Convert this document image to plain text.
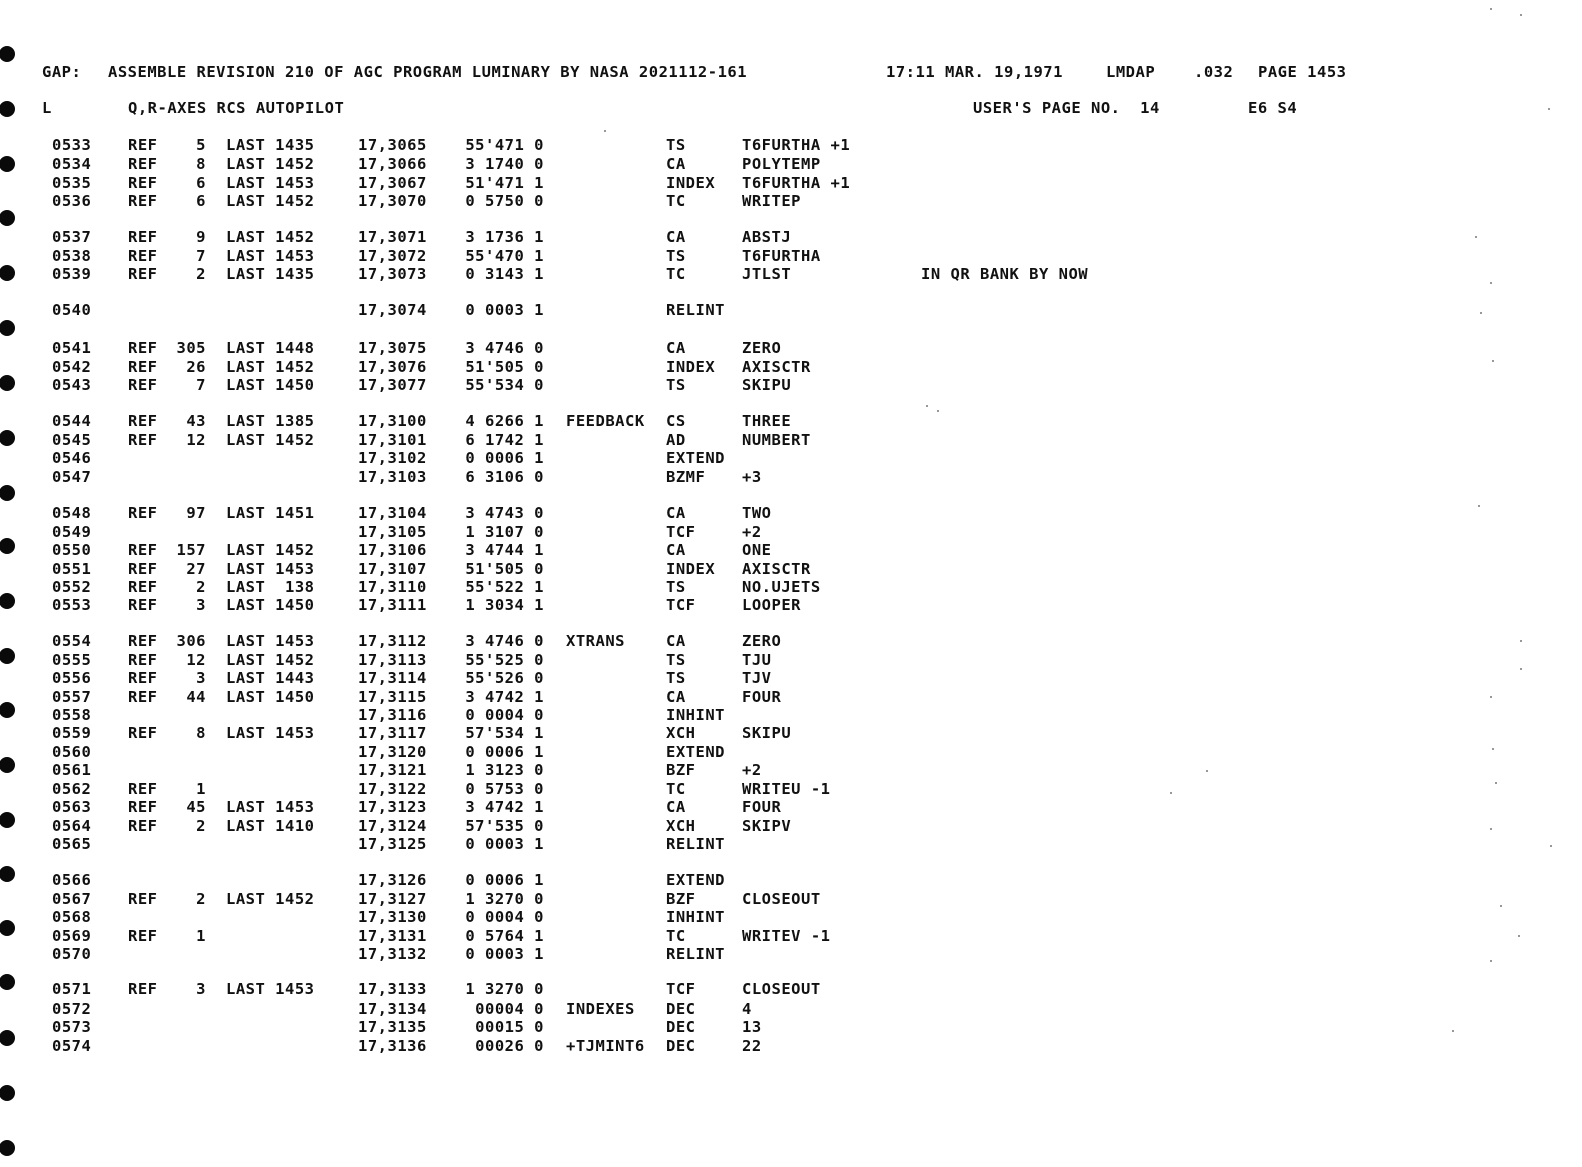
GAP: ASSEMBLE REVISION 210 OF AGC PROGRAM LUMINARY BY NASA 2021112-161	17:11 MAR. 19,1971	LMDAP	.032 PAGE 1453
L	Q,R-AXES RCS AUTOPILOT	USER'S PAGE NO.  14	E6 S4
0533 REF	5 LAST 1435	17,3065	55'471 0	TS	T6FURTHA +1
0534 REF	8 LAST 1452	17,3066	3 1740 0	CA	POLYTEMP
0535 REF	6 LAST 1453	17,3067	51'471 1	INDEX T6FURTHA +1
0536 REF	6 LAST 1452	17,3070	0 5750 0	TC	WRITEP
0537 REF	9 LAST 1452	17,3071	3 1736 1	CA	ABSTJ
0538 REF	7 LAST 1453	17,3072	55'470 1	TS	T6FURTHA
0539 REF	2 LAST 1435	17,3073	0 3143 1	TC	JTLST	IN QR BANK BY NOW
0540	17,3074	0 0003 1	RELINT
0541 REF	305 LAST 1448	17,3075	3 4746 0	CA	ZERO
0542 REF	26 LAST 1452	17,3076	51'505 0	INDEX AXISCTR
0543 REF	7 LAST 1450	17,3077	55'534 0	TS	SKIPU
0544 REF	43 LAST 1385	17,3100	4 6266 1 FEEDBACK CS	THREE
0545 REF	12 LAST 1452	17,3101	6 1742 1	AD	NUMBERT
0546	17,3102	0 0006 1	EXTEND
0547	17,3103	6 3106 0	BZMF +3
0548 REF	97 LAST 1451	17,3104	3 4743 0	CA	TWO
0549	17,3105	1 3107 0	TCF	+2
0550 REF	157 LAST 1452	17,3106	3 4744 1	CA	ONE
0551 REF	27 LAST 1453	17,3107	51'505 0	INDEX AXISCTR
0552 REF	2 LAST  138	17,3110	55'522 1	TS	NO.UJETS
0553 REF	3 LAST 1450	17,3111	1 3034 1	TCF	LOOPER
0554 REF	306 LAST 1453	17,3112	3 4746 0 XTRANS	CA	ZERO
0555 REF	12 LAST 1452	17,3113	55'525 0	TS	TJU
0556 REF	3 LAST 1443	17,3114	55'526 0	TS	TJV
0557 REF	44 LAST 1450	17,3115	3 4742 1	CA	FOUR
0558	17,3116	0 0004 0	INHINT
0559 REF	8 LAST 1453	17,3117	57'534 1	XCH	SKIPU
0560	17,3120	0 0006 1	EXTEND
0561	17,3121	1 3123 0	BZF	+2
0562 REF	1	17,3122	0 5753 0	TC	WRITEU -1
0563 REF	45 LAST 1453	17,3123	3 4742 1	CA	FOUR
0564 REF	2 LAST 1410	17,3124	57'535 0	XCH	SKIPV
0565	17,3125	0 0003 1	RELINT
0566	17,3126	0 0006 1	EXTEND
0567 REF	2 LAST 1452	17,3127	1 3270 0	BZF	CLOSEOUT
0568	17,3130	0 0004 0	INHINT
0569 REF	1	17,3131	0 5764 1	TC	WRITEV -1
0570	17,3132	0 0003 1	RELINT
0571 REF	3 LAST 1453	17,3133	1 3270 0	TCF	CLOSEOUT
0572	17,3134	00004 0 INDEXES DEC	4
0573	17,3135	00015 0	DEC	13
0574	17,3136	00026 0 +TJMINT6 DEC	22
